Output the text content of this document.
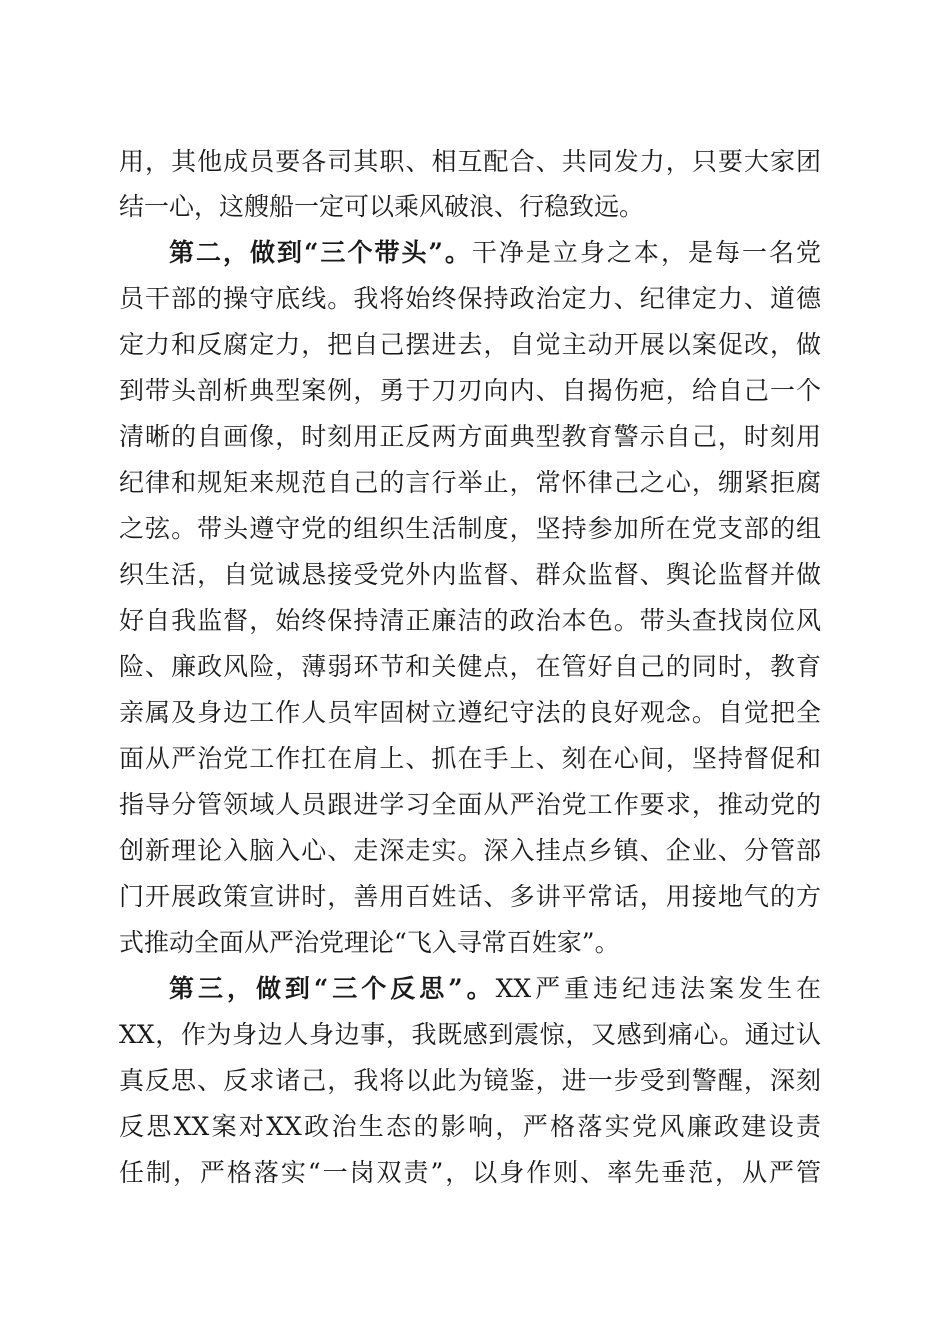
用，其他成员要各司其职、相互配合、共同发力，只要大家团
结一心，这艘船一定可以乘风破浪、行稳致远。
第二，做到“三个带头”。干净是立身之本，是每一名党
员干部的操守底线。我将始终保持政治定力、纪律定力、道德
定力和反腐定力，把自己摆进去，自觉主动开展以案促改，做
到带头剖析典型案例，勇于刀刃向内、自揭伤疤，给自己一个
清晰的自画像，时刻用正反两方面典型教育警示自己，时刻用
纪律和规矩来规范自己的言行举止，常怀律己之心，绷紧拒腐
之弦。带头遵守党的组织生活制度，坚持参加所在党支部的组
织生活，自觉诚恳接受党外内监督、群众监督、舆论监督并做
好自我监督，始终保持清正廉洁的政治本色。带头查找岗位风
险、廉政风险，薄弱环节和关健点，在管好自己的同时，教育
亲属及身边工作人员牢固树立遵纪守法的良好观念。自觉把全
面从严治党工作扛在肩上、抓在手上、刻在心间，坚持督促和
指导分管领域人员跟进学习全面从严治党工作要求，推动党的
创新理论入脑入心、走深走实。深入挂点乡镇、企业、分管部
门开展政策宣讲时，善用百姓话、多讲平常话，用接地气的方
式推动全面从严治党理论“飞入寻常百姓家”。
第三，做到“三个反思”。XX严重违纪违法案发生在
XX，作为身边人身边事，我既感到震惊，又感到痛心。通过认
真反思、反求诸己，我将以此为镜鉴，进一步受到警醒，深刻
反思XX案对XX政治生态的影响，严格落实党风廉政建设责
任制，严格落实“一岗双责”，以身作则、率先垂范，从严管
